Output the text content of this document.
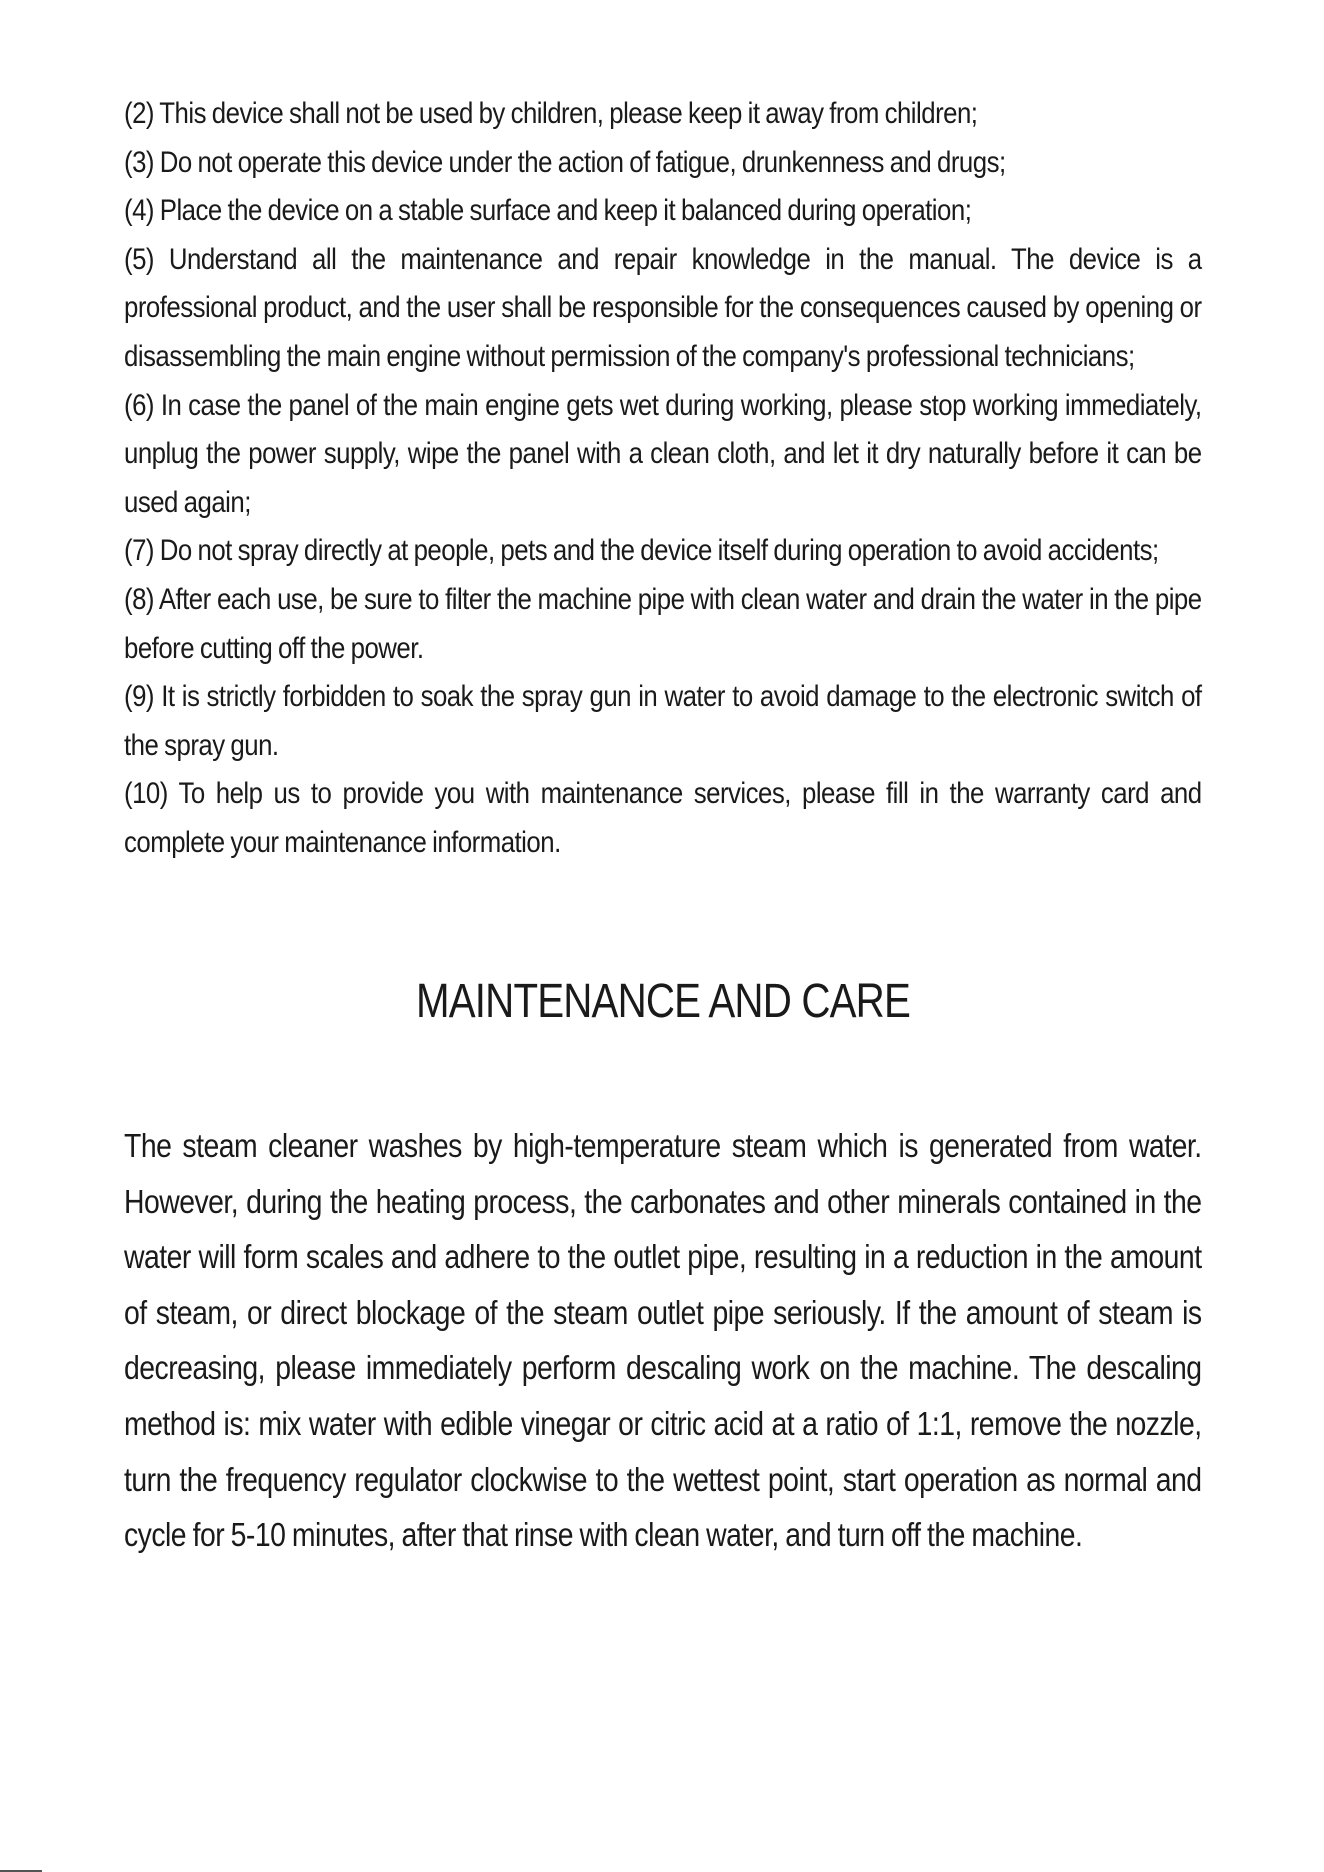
(2) This device shall not be used by children, please keep it away from children;

(3) Do not operate this device under the action of fatigue, drunkenness and drugs;

(4) Place the device on a stable surface and keep it balanced during operation;

(5) Understand all the maintenance and repair knowledge in the manual. The device is a professional product, and the user shall be responsible for the consequences caused by opening or disassembling the main engine without permission of the company's professional technicians;

(6) In case the panel of the main engine gets wet during working, please stop working immediately, unplug the power supply, wipe the panel with a clean cloth, and let it dry naturally before it can be used again;

(7) Do not spray directly at people, pets and the device itself during operation to avoid accidents;

(8) After each use, be sure to filter the machine pipe with clean water and drain the water in the pipe before cutting off the power.

(9) It is strictly forbidden to soak the spray gun in water to avoid damage to the electronic switch of the spray gun.

(10) To help us to provide you with maintenance services, please fill in the warranty card and complete your maintenance information.

MAINTENANCE AND CARE

The steam cleaner washes by high-temperature steam which is generated from water. However, during the heating process, the carbonates and other minerals contained in the water will form scales and adhere to the outlet pipe, resulting in a reduction in the amount of steam, or direct blockage of the steam outlet pipe seriously. If the amount of steam is decreasing, please immediately perform descaling work on the machine. The descaling method is: mix water with edible vinegar or citric acid at a ratio of 1:1, remove the nozzle, turn the frequency regulator clockwise to the wettest point, start operation as normal and cycle for 5-10 minutes, after that rinse with clean water, and turn off the machine.
